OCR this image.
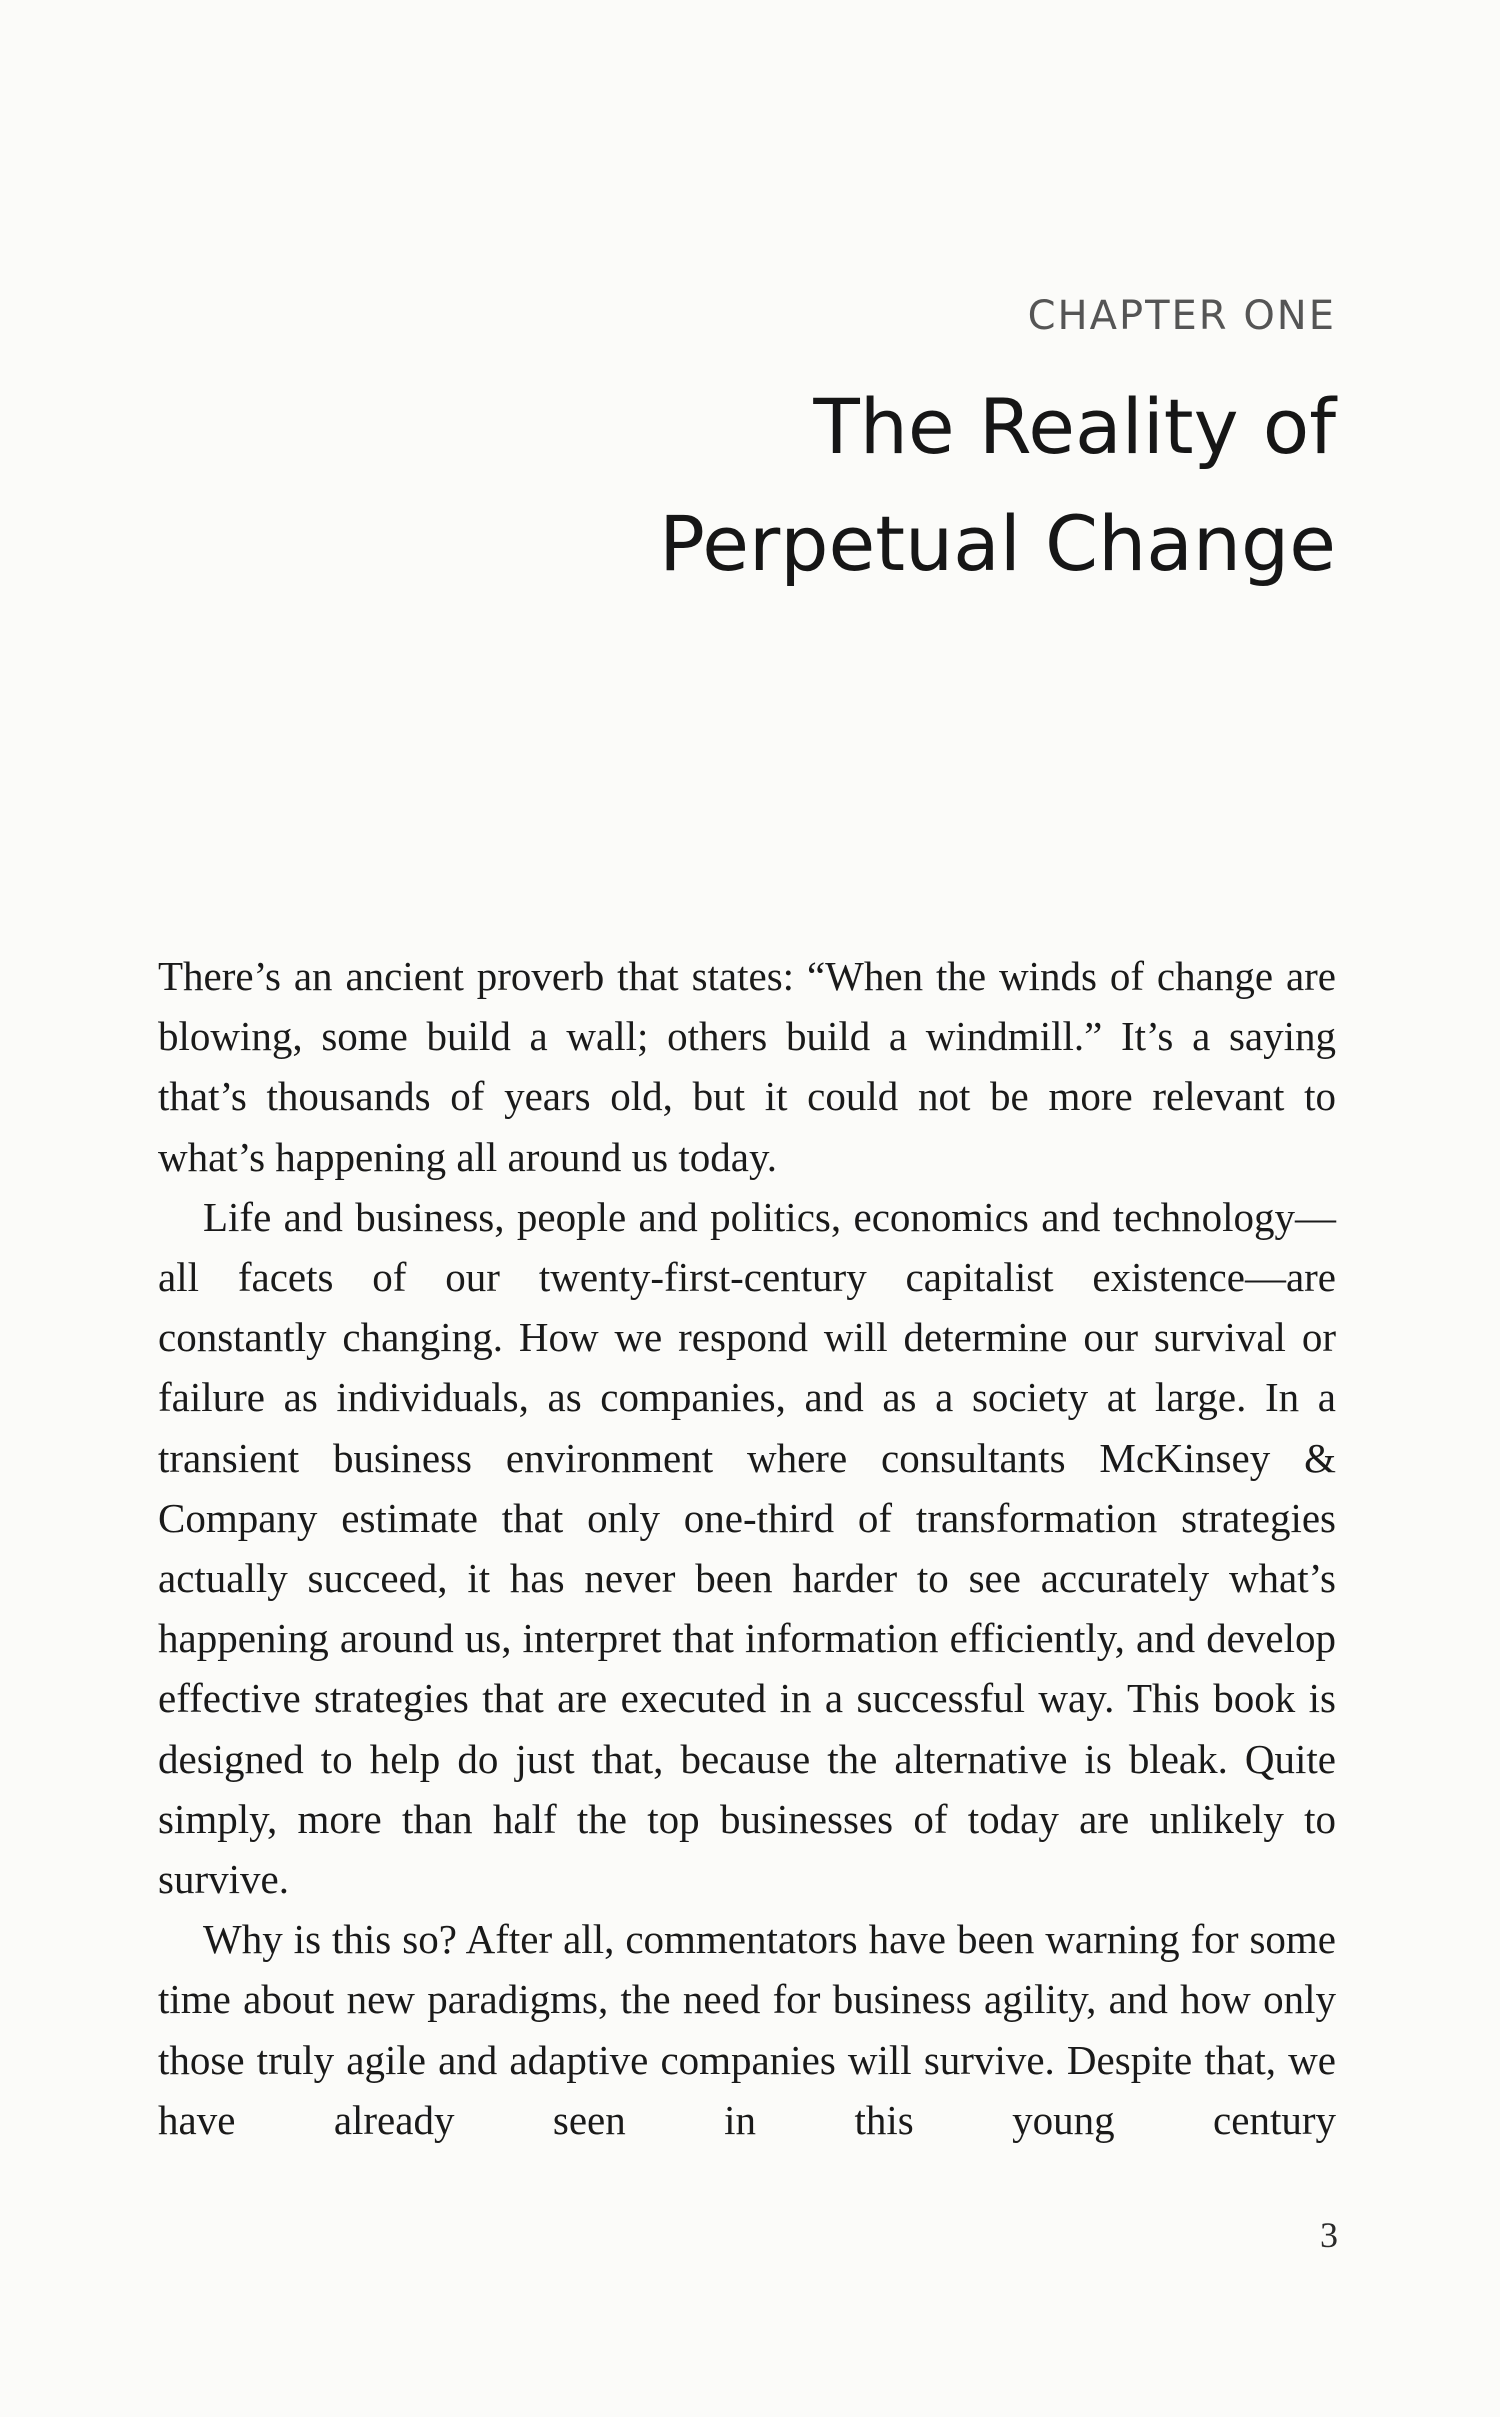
CHAPTER ONE
The Reality of
Perpetual Change

There’s an ancient proverb that states: “When the winds of change are blowing, some build a wall; others build a windmill.” It’s a saying that’s thousands of years old, but it could not be more relevant to what’s happening all around us today.

Life and business, people and politics, economics and technology—all facets of our twenty-first-century capitalist existence—are constantly changing. How we respond will determine our survival or failure as individuals, as companies, and as a society at large. In a transient business environment where consultants McKinsey & Company estimate that only one-third of transformation strategies actually succeed, it has never been harder to see accurately what’s happening around us, interpret that information efficiently, and develop effective strategies that are executed in a successful way. This book is designed to help do just that, because the alternative is bleak. Quite simply, more than half the top businesses of today are unlikely to survive.

Why is this so? After all, commentators have been warning for some time about new paradigms, the need for business agility, and how only those truly agile and adaptive companies will survive. Despite that, we have already seen in this young century

3
